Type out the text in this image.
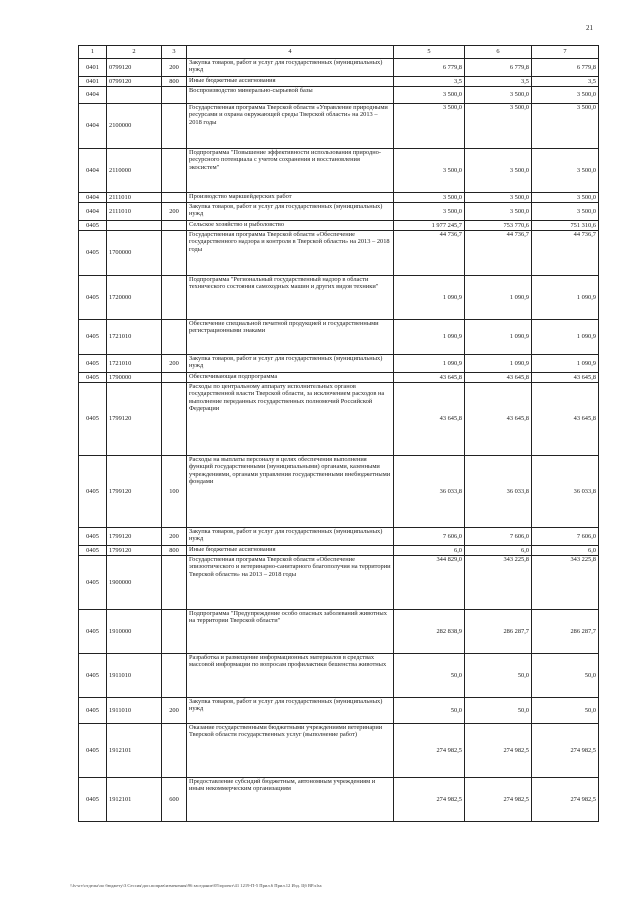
21
1	2	3	4	5	6	7
0401	0799120	200	Закупка товаров, работ и услуг для государственных (муниципальных) нужд	6 779,8	6 779,8	6 779,8
0401	0799120	800	Иные бюджетные ассигнования	3,5	3,5	3,5
0404			Воспроизводство минерально-сырьевой базы	3 500,0	3 500,0	3 500,0
0404	2100000		Государственная программа Тверской области «Управление природными ресурсами и охрана окружающей среды Тверской области» на 2013 – 2018 годы	3 500,0	3 500,0	3 500,0
0404	2110000		Подпрограмма "Повышение эффективности использования природно-ресурсного потенциала с учетом сохранения и восстановления экосистем"	3 500,0	3 500,0	3 500,0
0404	2111010		Производство маркшейдерских работ	3 500,0	3 500,0	3 500,0
0404	2111010	200	Закупка товаров, работ и услуг для государственных (муниципальных) нужд	3 500,0	3 500,0	3 500,0
0405			Сельское хозяйство и рыболовство	1 977 245,7	753 770,6	751 310,6
0405	1700000		Государственная программа Тверской области «Обеспечение государственного надзора и контроля в Тверской области» на 2013 – 2018 годы	44 736,7	44 736,7	44 736,7
0405	1720000		Подпрограмма "Региональный государственный надзор в области технического состояния самоходных машин и других видов техники"	1 090,9	1 090,9	1 090,9
0405	1721010		Обеспечение специальной печатной продукцией и государственными регистрационными знаками	1 090,9	1 090,9	1 090,9
0405	1721010	200	Закупка товаров, работ и услуг для государственных (муниципальных) нужд	1 090,9	1 090,9	1 090,9
0405	1790000		Обеспечивающая подпрограмма	43 645,8	43 645,8	43 645,8
0405	1799120		Расходы по центральному аппарату исполнительных органов государственной власти Тверской области, за исключением расходов на выполнение переданных государственных полномочий Российской Федерации	43 645,8	43 645,8	43 645,8
0405	1799120	100	Расходы на выплаты персоналу в целях обеспечения выполнения функций государственными (муниципальными) органами, казенными учреждениями, органами управления государственными внебюджетными фондами	36 033,8	36 033,8	36 033,8
0405	1799120	200	Закупка товаров, работ и услуг для государственных (муниципальных) нужд	7 606,0	7 606,0	7 606,0
0405	1799120	800	Иные бюджетные ассигнования	6,0	6,0	6,0
0405	1900000		Государственная программа Тверской области «Обеспечение эпизоотического и ветеринарно-санитарного благополучия на территории Тверской области» на 2013 – 2018 годы	344 829,0	343 225,8	343 225,8
0405	1910000		Подпрограмма "Предупреждение особо опасных заболеваний животных на территории Тверской области"	282 838,9	286 287,7	286 287,7
0405	1911010		Разработка и размещение информационных материалов в средствах массовой информации по вопросам профилактики бешенства животных	50,0	50,0	50,0
0405	1911010	200	Закупка товаров, работ и услуг для государственных (муниципальных) нужд	50,0	50,0	50,0
0405	1912101		Оказание государственными бюджетными учреждениями ветеринарии Тверской области государственных услуг (выполнение работ)	274 982,5	274 982,5	274 982,5
0405	1912101	600	Предоставление субсидий бюджетным, автономным учреждениям и иным некоммерческим организациям	274 982,5	274 982,5	274 982,5
\\fs-srv\отделы\по бюджету\3 Сессия\доп.поправ\изменения\96 заседание\05\проект\41 1219-П-5 Прил.6 Прил.12 Изд. Цб ВР.xlsx
